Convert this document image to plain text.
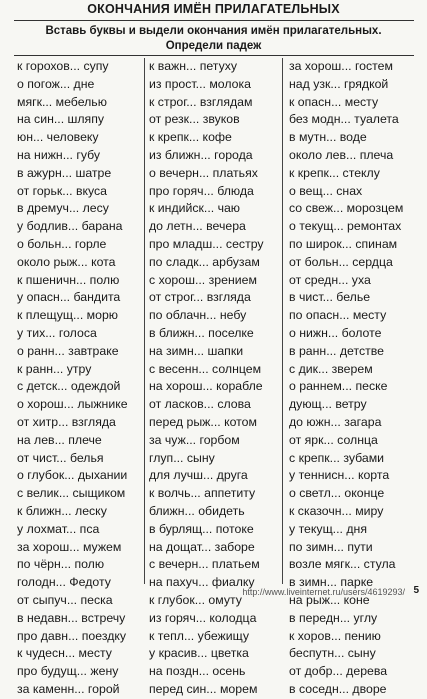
ОКОНЧАНИЯ ИМЁН ПРИЛАГАТЕЛЬНЫХ
Вставь буквы и выдели окончания имён прилагательных.
Определи падеж
к горохов... супу
о погож... дне
мягк... мебелью
на син... шляпу
юн... человеку
на нижн... губу
в ажурн... шатре
от горьк... вкуса
в дремуч... лесу
у бодлив... барана
о больн... горле
около рыж... кота
к пшеничн... полю
у опасн... бандита
к плещущ... морю
у тих... голоса
о ранн... завтраке
к ранн... утру
с детск... одеждой
о хорош... лыжнике
от хитр... взгляда
на лев... плече
от чист... белья
о глубок... дыхании
с велик... сыщиком
к ближн... леску
у лохмат... пса
за хорош... мужем
по чёрн... полю
голодн... Федоту
от сыпуч... песка
в недавн... встречу
про давн... поездку
к чудесн... месту
про будущ... жену
за каменн... горой
к важн... петуху
из прост... молока
к строг... взглядам
от резк... звуков
к крепк... кофе
из ближн... города
о вечерн... платьях
про горяч... блюда
к индийск... чаю
до летн... вечера
про младш... сестру
по сладк... арбузам
с хорош... зрением
от строг... взгляда
по облачн... небу
в ближн... поселке
на зимн... шапки
с весенн... солнцем
на хорош... корабле
от ласков... слова
перед рыж... котом
за чуж... горбом
глуп... сыну
для лучш... друга
к волчь... аппетиту
ближн... обидеть
в бурлящ... потоке
на дощат... заборе
с вечерн... платьем
на пахуч... фиалку
к глубок... омуту
из горяч... колодца
к тепл... убежищу
у красив... цветка
на поздн... осень
перед син... морем
за хорош... гостем
над узк... грядкой
к опасн... месту
без модн... туалета
в мутн... воде
около лев... плеча
к крепк... стеклу
о вещ... снах
со свеж... морозцем
о текущ... ремонтах
по широк... спинам
от больн... сердца
от средн... уха
в чист... белье
по опасн... месту
о нижн... болоте
в ранн... детстве
с дик... зверем
о раннем... песке
дующ... ветру
до южн... загара
от ярк... солнца
с крепк... зубами
у теннисн... корта
о светл... оконце
к сказочн... миру
у текущ... дня
по зимн... пути
возле мягк... стула
в зимн... парке
на рыж... коне
в передн... углу
к хоров... пению
беспутн... сыну
от добр... дерева
в соседн... дворе
http://www.liveinternet.ru/users/4619293/ 5
